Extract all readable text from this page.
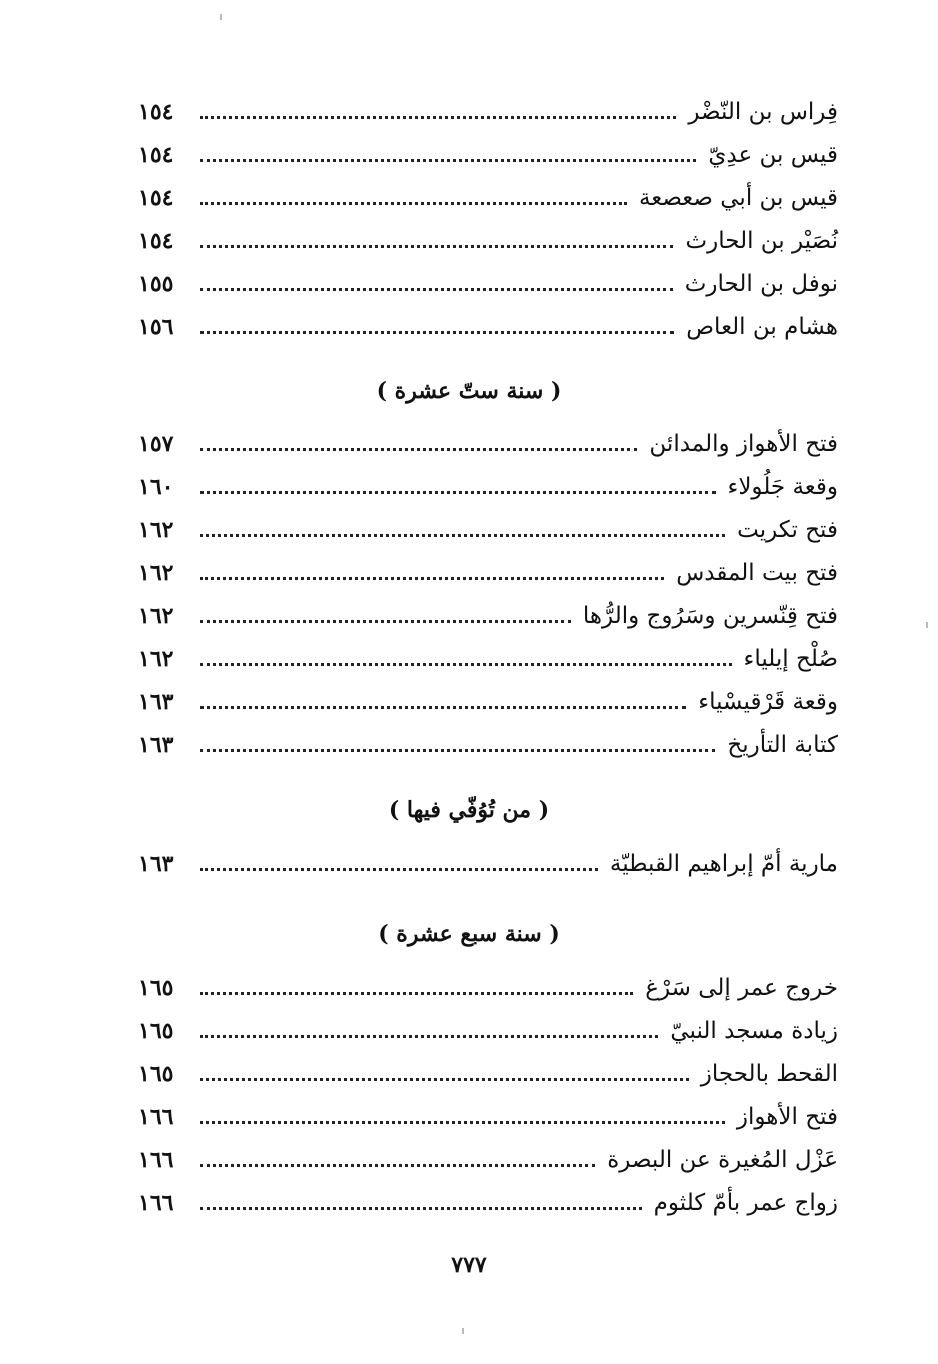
فِراس بن النّضْر
١٥٤
قيس بن عدِيّ
١٥٤
قيس بن أبي صعصعة
١٥٤
نُصَيْر بن الحارث
١٥٤
نوفل بن الحارث
١٥٥
هشام بن العاص
١٥٦
( سنة ستّ عشرة )
فتح الأهواز والمدائن
١٥٧
وقعة جَلُولاء
١٦٠
فتح تكريت
١٦٢
فتح بيت المقدس
١٦٢
فتح قِنّسرين وسَرُوج والرُّها
١٦٢
صُلْح إيلياء
١٦٢
وقعة قَرْقيسْياء
١٦٣
كتابة التأريخ
١٦٣
( من تُوُفّي فيها )
مارية أمّ إبراهيم القبطيّة
١٦٣
( سنة سبع عشرة )
خروج عمر إلى سَرْغ
١٦٥
زيادة مسجد النبيّ
١٦٥
القحط بالحجاز
١٦٥
فتح الأهواز
١٦٦
عَزْل المُغيرة عن البصرة
١٦٦
زواج عمر بأمّ كلثوم
١٦٦
٧٧٧
